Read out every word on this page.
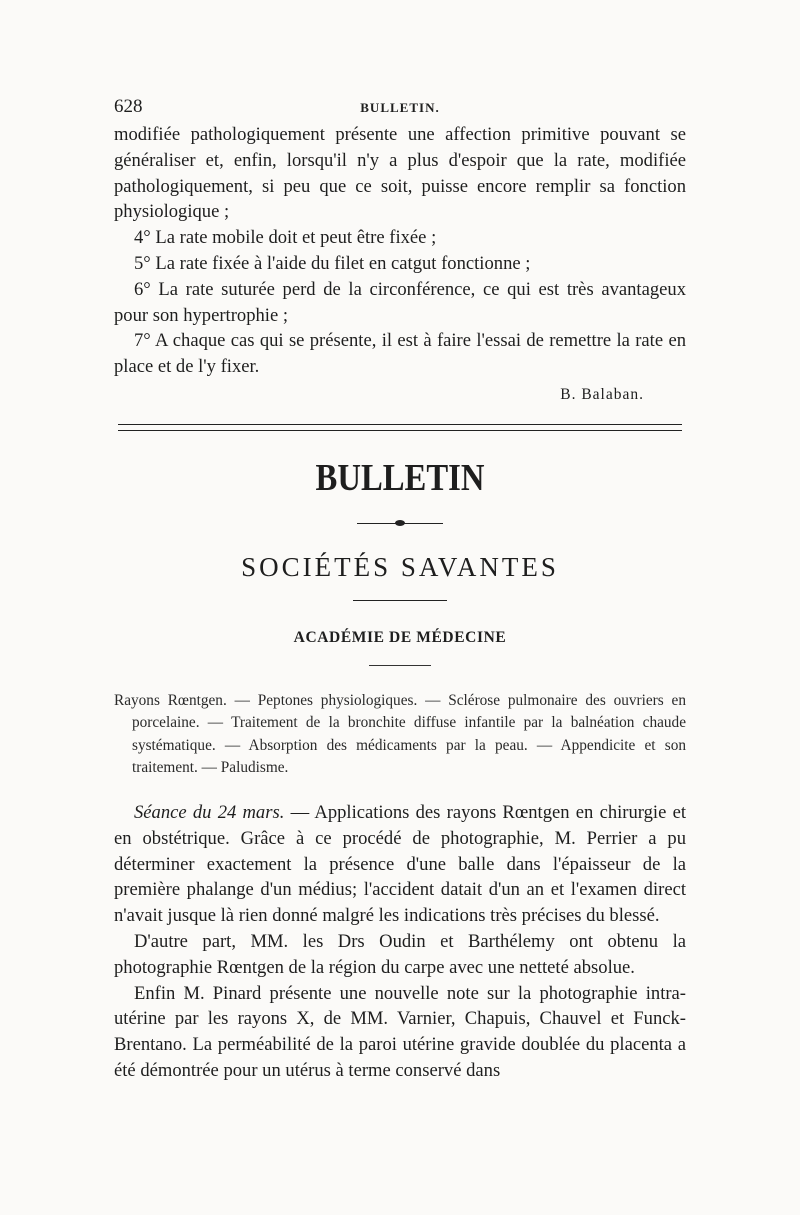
628	BULLETIN.

modifiée pathologiquement présente une affection primitive pouvant se généraliser et, enfin, lorsqu'il n'y a plus d'espoir que la rate, modifiée pathologiquement, si peu que ce soit, puisse encore remplir sa fonction physiologique ;

4° La rate mobile doit et peut être fixée ;

5° La rate fixée à l'aide du filet en catgut fonctionne ;

6° La rate suturée perd de la circonférence, ce qui est très avantageux pour son hypertrophie ;

7° A chaque cas qui se présente, il est à faire l'essai de remettre la rate en place et de l'y fixer.

B. Balaban.
BULLETIN
SOCIÉTÉS SAVANTES
ACADÉMIE DE MÉDECINE
Rayons Rœntgen. — Peptones physiologiques. — Sclérose pulmonaire des ouvriers en porcelaine. — Traitement de la bronchite diffuse infantile par la balnéation chaude systématique. — Absorption des médicaments par la peau. — Appendicite et son traitement. — Paludisme.

Séance du 24 mars. — Applications des rayons Rœntgen en chirurgie et en obstétrique. Grâce à ce procédé de photographie, M. Perrier a pu déterminer exactement la présence d'une balle dans l'épaisseur de la première phalange d'un médius; l'accident datait d'un an et l'examen direct n'avait jusque là rien donné malgré les indications très précises du blessé.

D'autre part, MM. les Drs Oudin et Barthélemy ont obtenu la photographie Rœntgen de la région du carpe avec une netteté absolue.

Enfin M. Pinard présente une nouvelle note sur la photographie intra-utérine par les rayons X, de MM. Varnier, Chapuis, Chauvel et Funck-Brentano. La perméabilité de la paroi utérine gravide doublée du placenta a été démontrée pour un utérus à terme conservé dans
